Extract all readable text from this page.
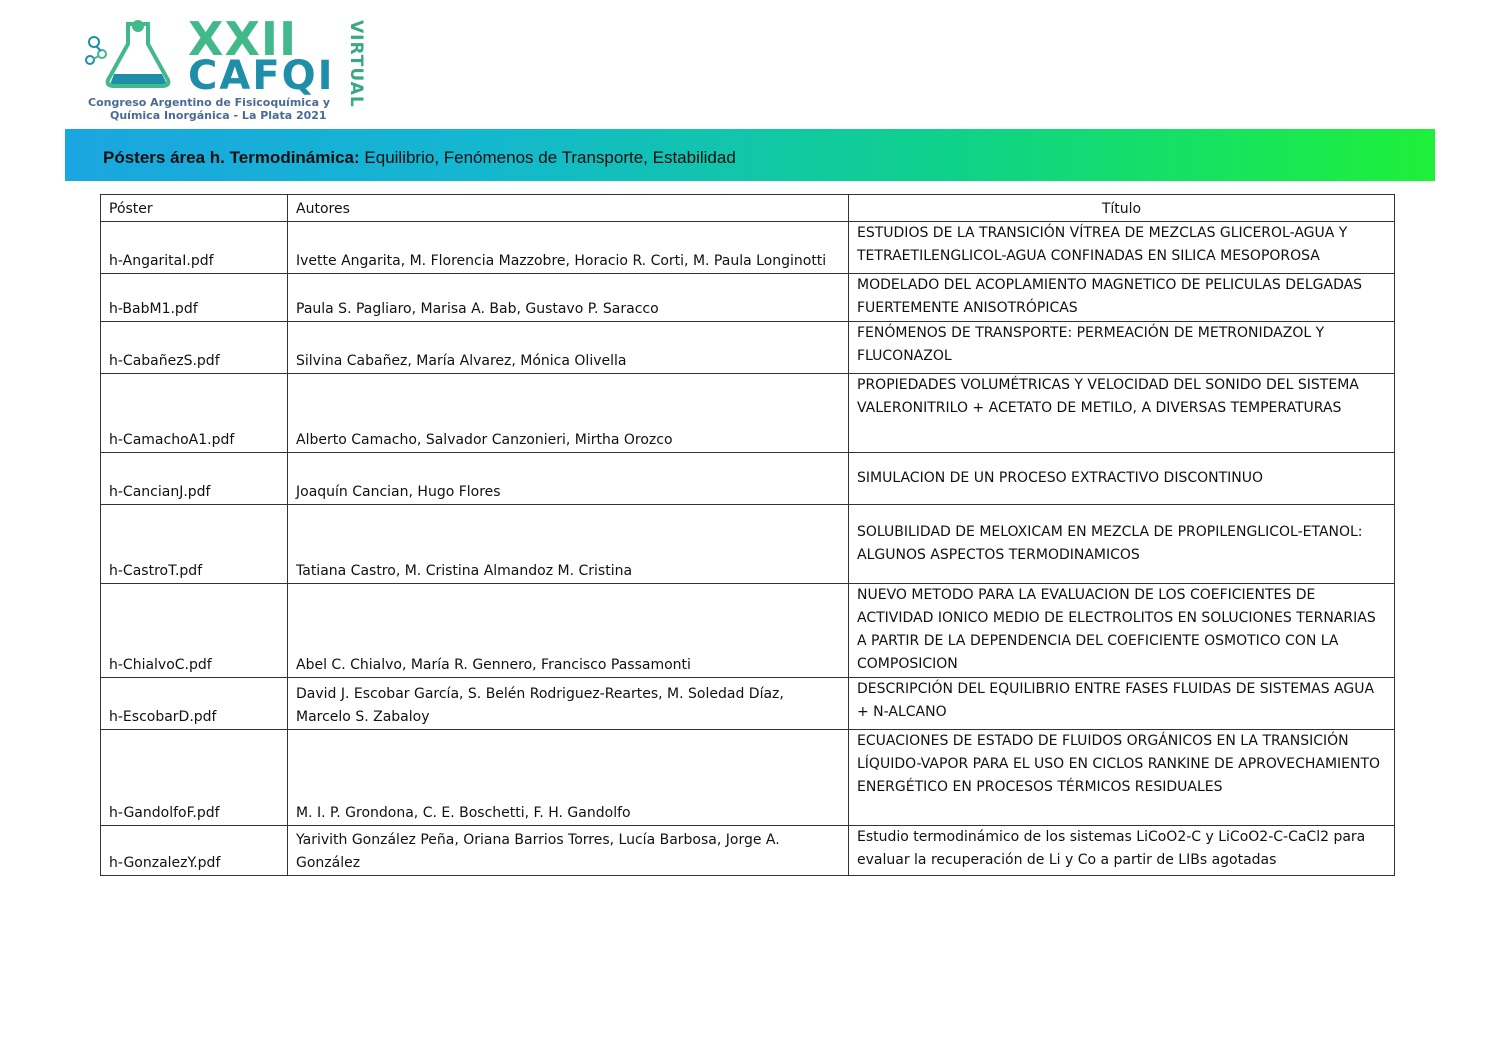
XXII
CAFQI VIRTUAL
Congreso Argentino de Fisicoquímica y
Química Inorgánica - La Plata 2021
Pósters área h. Termodinámica: Equilibrio, Fenómenos de Transporte, Estabilidad
Póster	Autores	Título
h-AngaritaI.pdf	Ivette Angarita, M. Florencia Mazzobre, Horacio R. Corti, M. Paula Longinotti	ESTUDIOS DE LA TRANSICIÓN VÍTREA DE MEZCLAS GLICEROL-AGUA Y TETRAETILENGLICOL-AGUA CONFINADAS EN SILICA MESOPOROSA
h-BabM1.pdf	Paula S. Pagliaro, Marisa A. Bab, Gustavo P. Saracco	MODELADO DEL ACOPLAMIENTO MAGNETICO DE PELICULAS DELGADAS FUERTEMENTE ANISOTRÓPICAS
h-CabañezS.pdf	Silvina Cabañez, María Alvarez, Mónica Olivella	FENÓMENOS DE TRANSPORTE: PERMEACIÓN DE METRONIDAZOL Y FLUCONAZOL
h-CamachoA1.pdf	Alberto Camacho, Salvador Canzonieri, Mirtha Orozco	PROPIEDADES VOLUMÉTRICAS Y VELOCIDAD DEL SONIDO DEL SISTEMA VALERONITRILO + ACETATO DE METILO, A DIVERSAS TEMPERATURAS
h-CancianJ.pdf	Joaquín Cancian, Hugo Flores	SIMULACION DE UN PROCESO EXTRACTIVO DISCONTINUO
h-CastroT.pdf	Tatiana Castro, M. Cristina Almandoz M. Cristina	SOLUBILIDAD DE MELOXICAM EN MEZCLA DE PROPILENGLICOL-ETANOL: ALGUNOS ASPECTOS TERMODINAMICOS
h-ChialvoC.pdf	Abel C. Chialvo, María R. Gennero, Francisco Passamonti	NUEVO METODO PARA LA EVALUACION DE LOS COEFICIENTES DE ACTIVIDAD IONICO MEDIO DE ELECTROLITOS EN SOLUCIONES TERNARIAS A PARTIR DE LA DEPENDENCIA DEL COEFICIENTE OSMOTICO CON LA COMPOSICION
h-EscobarD.pdf	David J. Escobar García, S. Belén Rodriguez-Reartes, M. Soledad Díaz, Marcelo S. Zabaloy	DESCRIPCIÓN DEL EQUILIBRIO ENTRE FASES FLUIDAS DE SISTEMAS AGUA + N-ALCANO
h-GandolfoF.pdf	M. I. P. Grondona, C. E. Boschetti, F. H. Gandolfo	ECUACIONES DE ESTADO DE FLUIDOS ORGÁNICOS EN LA TRANSICIÓN LÍQUIDO-VAPOR PARA EL USO EN CICLOS RANKINE DE APROVECHAMIENTO ENERGÉTICO EN PROCESOS TÉRMICOS RESIDUALES
h-GonzalezY.pdf	Yarivith González Peña, Oriana Barrios Torres, Lucía Barbosa, Jorge A. González	Estudio termodinámico de los sistemas LiCoO2-C y LiCoO2-C-CaCl2 para evaluar la recuperación de Li y Co a partir de LIBs agotadas
